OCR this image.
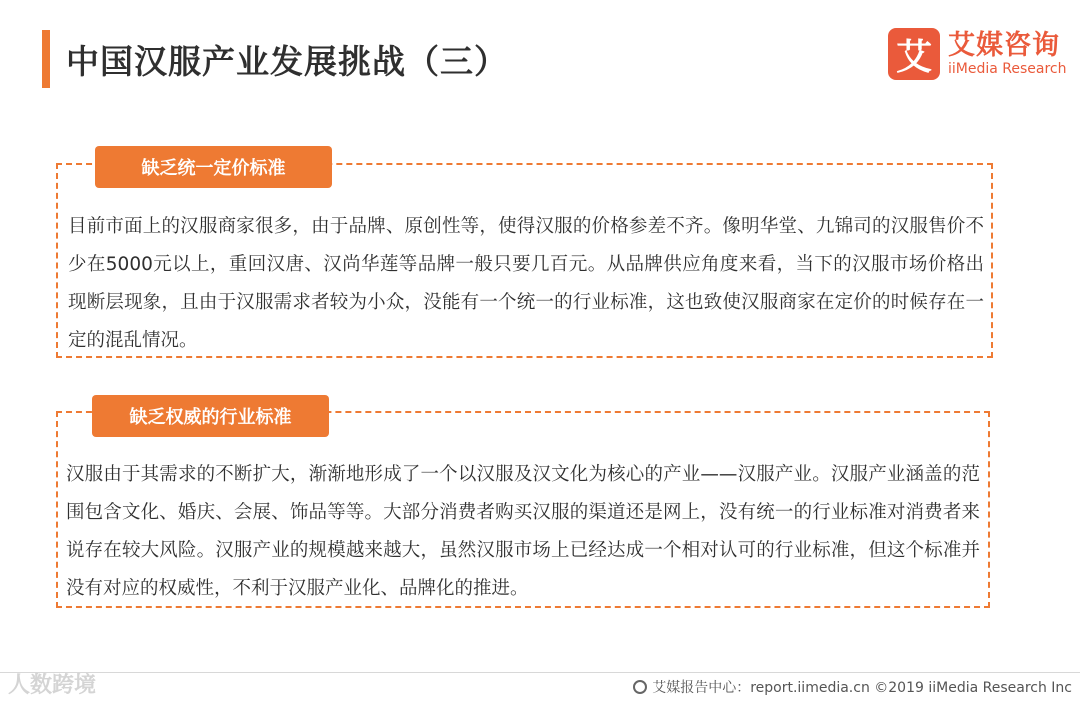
中国汉服产业发展挑战（三）	艾 艾媒咨询
iiMedia Research
缺乏统一定价标准
目前市面上的汉服商家很多，由于品牌、原创性等，使得汉服的价格参差不齐。像明华堂、九锦司的汉服售价不少在5000元以上，重回汉唐、汉尚华莲等品牌一般只要几百元。从品牌供应角度来看，当下的汉服市场价格出现断层现象，且由于汉服需求者较为小众，没能有一个统一的行业标准，这也致使汉服商家在定价的时候存在一定的混乱情况。
缺乏权威的行业标准
汉服由于其需求的不断扩大，渐渐地形成了一个以汉服及汉文化为核心的产业——汉服产业。汉服产业涵盖的范围包含文化、婚庆、会展、饰品等等。大部分消费者购买汉服的渠道还是网上，没有统一的行业标准对消费者来说存在较大风险。汉服产业的规模越来越大，虽然汉服市场上已经达成一个相对认可的行业标准，但这个标准并没有对应的权威性，不利于汉服产业化、品牌化的推进。
人数跨境	艾媒报告中心：report.iimedia.cn ©2019 iiMedia Research Inc
